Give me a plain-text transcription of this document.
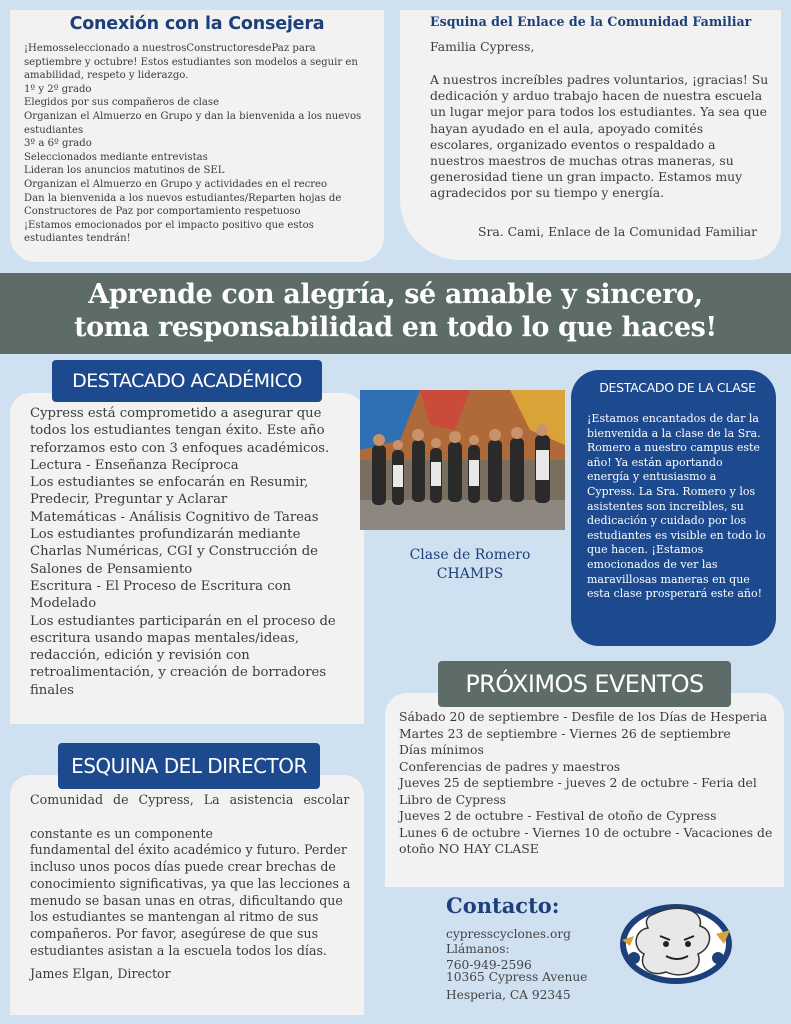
Conexión con la Consejera
¡Hemosseleccionado a nuestrosConstructoresdePaz para
septiembre y octubre! Estos estudiantes son modelos a seguir en
amabilidad, respeto y liderazgo.
1º y 2º grado
Elegidos por sus compañeros de clase
Organizan el Almuerzo en Grupo y dan la bienvenida a los nuevos
estudiantes
3º a 6º grado
Seleccionados mediante entrevistas
Lideran los anuncios matutinos de SEL
Organizan el Almuerzo en Grupo y actividades en el recreo
Dan la bienvenida a los nuevos estudiantes/Reparten hojas de
Constructores de Paz por comportamiento respetuoso
¡Estamos emocionados por el impacto positivo que estos
estudiantes tendrán!
Esquina del Enlace de la Comunidad Familiar
Familia Cypress,
A nuestros increíbles padres voluntarios, ¡gracias! Su
dedicación y arduo trabajo hacen de nuestra escuela
un lugar mejor para todos los estudiantes. Ya sea que
hayan ayudado en el aula, apoyado comités
escolares, organizado eventos o respaldado a
nuestros maestros de muchas otras maneras, su
generosidad tiene un gran impacto. Estamos muy
agradecidos por su tiempo y energía.
Sra. Cami, Enlace de la Comunidad Familiar
Aprende con alegría, sé amable y sincero,
toma responsabilidad en todo lo que haces!
Cypress está comprometido a asegurar que
todos los estudiantes tengan éxito. Este año
reforzamos esto con 3 enfoques académicos.
Lectura - Enseñanza Recíproca
Los estudiantes se enfocarán en Resumir,
Predecir, Preguntar y Aclarar
Matemáticas - Análisis Cognitivo de Tareas
Los estudiantes profundizarán mediante
Charlas Numéricas, CGI y Construcción de
Salones de Pensamiento
Escritura - El Proceso de Escritura con
Modelado
Los estudiantes participarán en el proceso de
escritura usando mapas mentales/ideas,
redacción, edición y revisión con
retroalimentación, y creación de borradores
finales
DESTACADO ACADÉMICO
Clase de Romero
CHAMPS
DESTACADO DE LA CLASE
¡Estamos encantados de dar la
bienvenida a la clase de la Sra.
Romero a nuestro campus este
año! Ya están aportando
energía y entusiasmo a
Cypress. La Sra. Romero y los
asistentes son increíbles, su
dedicación y cuidado por los
estudiantes es visible en todo lo
que hacen. ¡Estamos
emocionados de ver las
maravillosas maneras en que
esta clase prosperará este año!
Sábado 20 de septiembre - Desfile de los Días de Hesperia
Martes 23 de septiembre - Viernes 26 de septiembre
Días mínimos
Conferencias de padres y maestros
Jueves 25 de septiembre - jueves 2 de octubre - Feria del
Libro de Cypress
Jueves 2 de octubre - Festival de otoño de Cypress
Lunes 6 de octubre - Viernes 10 de octubre - Vacaciones de
otoño NO HAY CLASE
PRÓXIMOS EVENTOS
Comunidad de Cypress, La asistencia escolar
constante es un componente
fundamental del éxito académico y futuro. Perder
incluso unos pocos días puede crear brechas de
conocimiento significativas, ya que las lecciones a
menudo se basan unas en otras, dificultando que
los estudiantes se mantengan al ritmo de sus
compañeros. Por favor, asegúrese de que sus
estudiantes asistan a la escuela todos los días.
James Elgan, Director
ESQUINA DEL DIRECTOR
Contacto:
cypresscyclones.org
Llámanos:
760-949-2596
10365 Cypress Avenue
Hesperia, CA 92345
